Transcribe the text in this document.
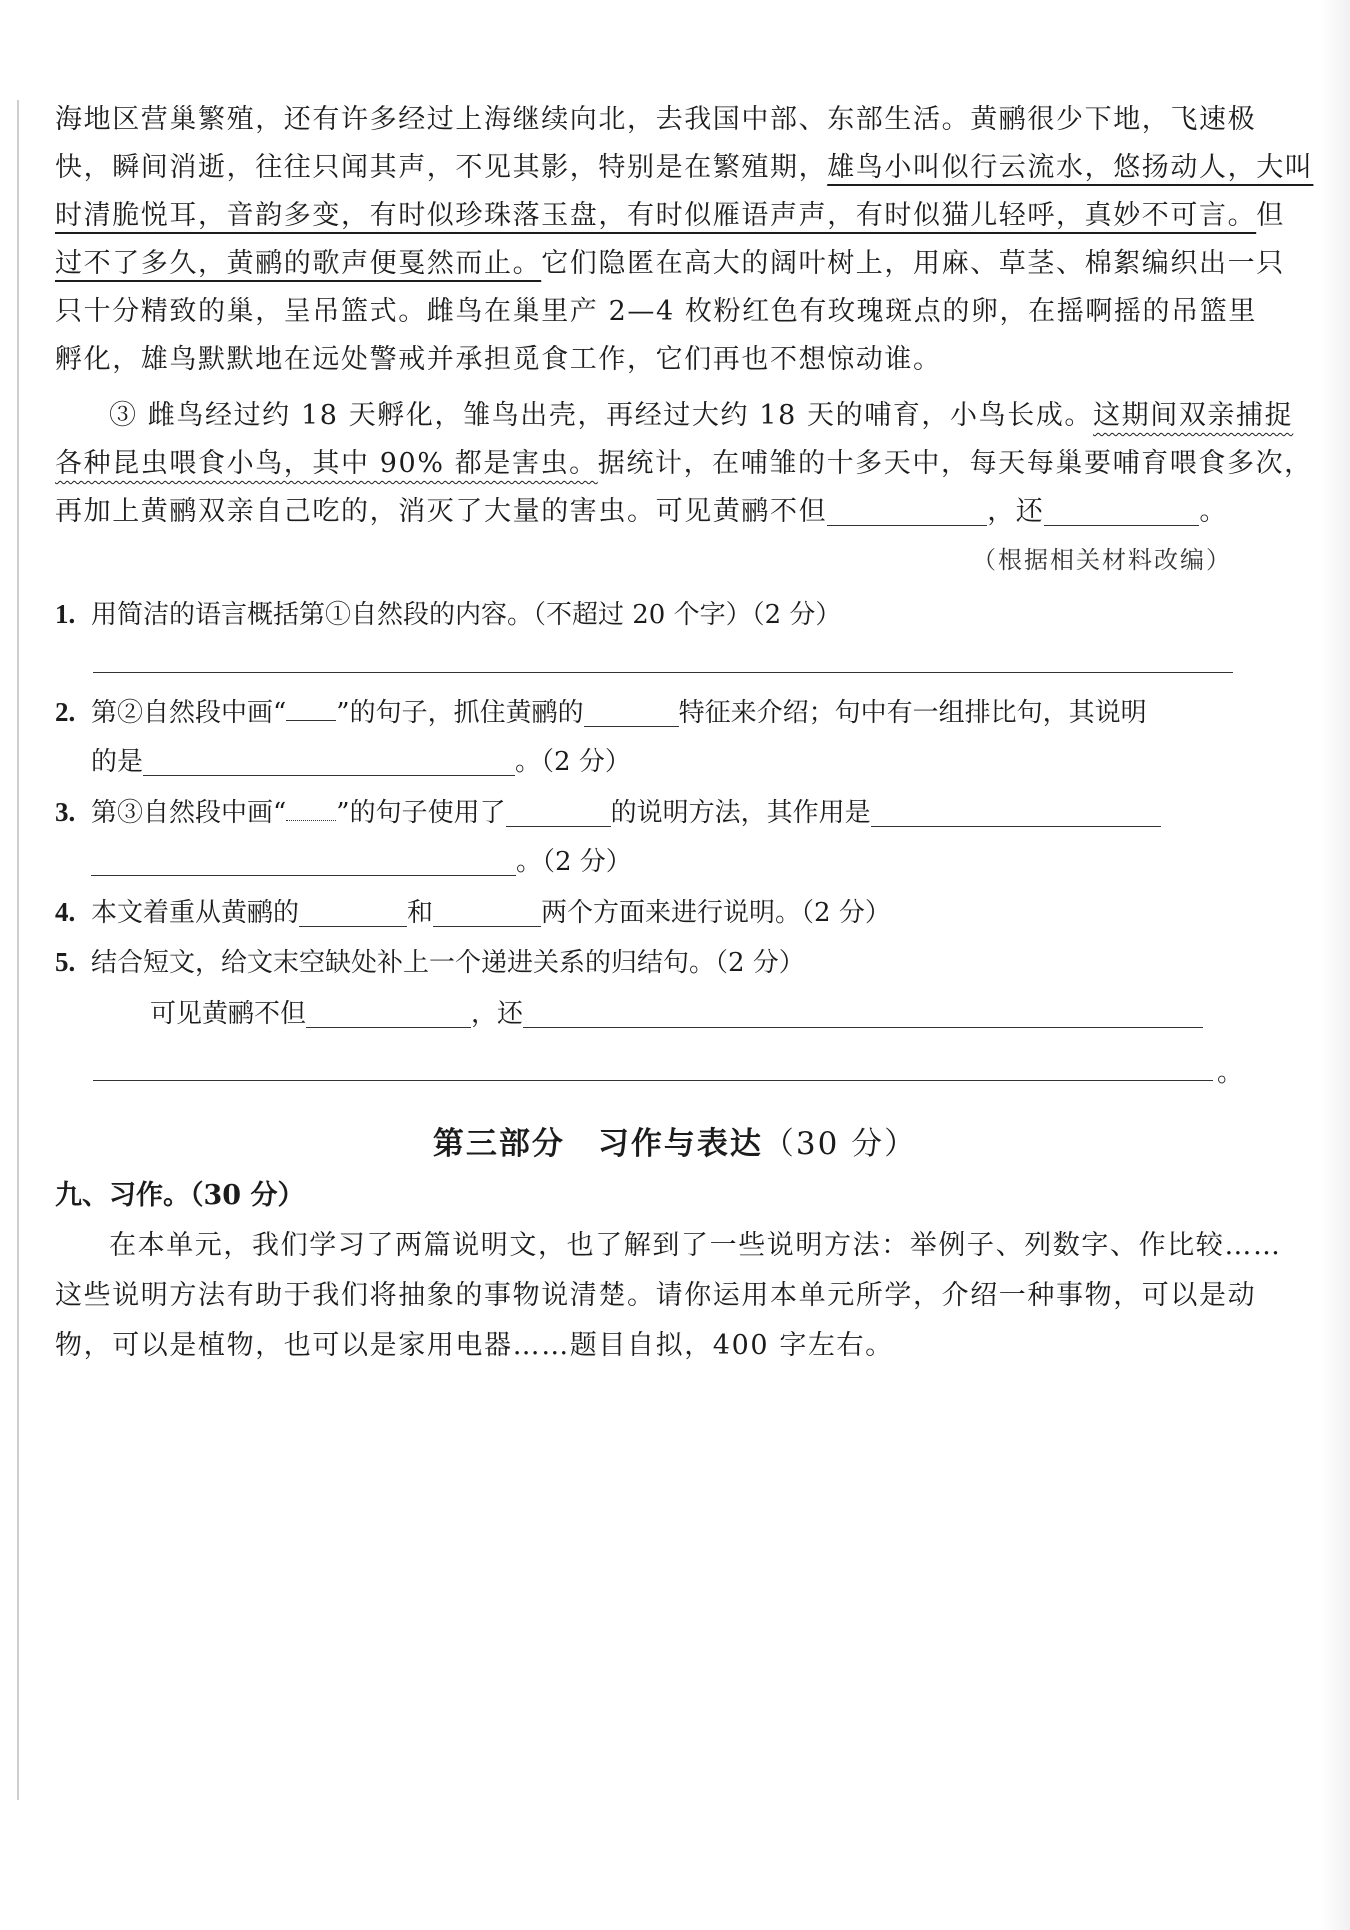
海地区营巢繁殖，还有许多经过上海继续向北，去我国中部、东部生活。黄鹂很少下地，飞速极
快，瞬间消逝，往往只闻其声，不见其影，特别是在繁殖期，雄鸟小叫似行云流水，悠扬动人，大叫
时清脆悦耳，音韵多变，有时似珍珠落玉盘，有时似雁语声声，有时似猫儿轻呼，真妙不可言。但
过不了多久，黄鹂的歌声便戛然而止。它们隐匿在高大的阔叶树上，用麻、草茎、棉絮编织出一只
只十分精致的巢，呈吊篮式。雌鸟在巢里产 2—4 枚粉红色有玫瑰斑点的卵，在摇啊摇的吊篮里
孵化，雄鸟默默地在远处警戒并承担觅食工作，它们再也不想惊动谁。
③ 雌鸟经过约 18 天孵化，雏鸟出壳，再经过大约 18 天的哺育，小鸟长成。这期间双亲捕捉
各种昆虫喂食小鸟，其中 90% 都是害虫。据统计，在哺雏的十多天中，每天每巢要哺育喂食多次，
再加上黄鹂双亲自己吃的，消灭了大量的害虫。可见黄鹂不但	，还	。
（根据相关材料改编）
1. 用简洁的语言概括第①自然段的内容。（不超过 20 个字）（2 分）
2. 第②自然段中画“ ”的句子，抓住黄鹂的	特征来介绍；句中有一组排比句，其说明
的是	。（2 分）
3. 第③自然段中画“ ”的句子使用了	的说明方法，其作用是
。（2 分）
4. 本文着重从黄鹂的	和	两个方面来进行说明。（2 分）
5. 结合短文，给文末空缺处补上一个递进关系的归结句。（2 分）
可见黄鹂不但	，还
。
第三部分　习作与表达（30 分）
九、习作。（30 分）
在本单元，我们学习了两篇说明文，也了解到了一些说明方法：举例子、列数字、作比较……
这些说明方法有助于我们将抽象的事物说清楚。请你运用本单元所学，介绍一种事物，可以是动
物，可以是植物，也可以是家用电器……题目自拟，400 字左右。
